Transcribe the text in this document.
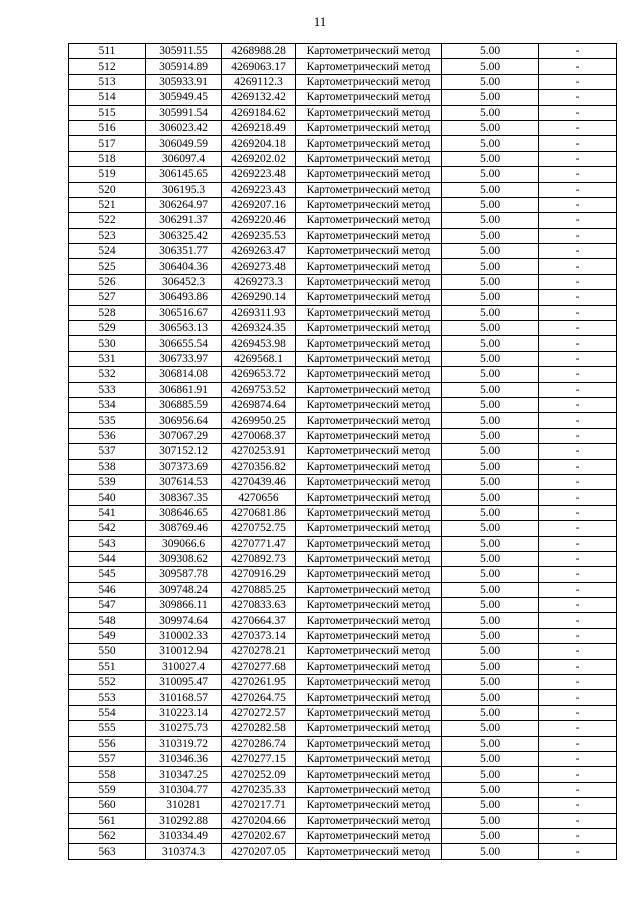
11
511	305911.55	4268988.28	Картометрический метод	5.00	-
512	305914.89	4269063.17	Картометрический метод	5.00	-
513	305933.91	4269112.3	Картометрический метод	5.00	-
514	305949.45	4269132.42	Картометрический метод	5.00	-
515	305991.54	4269184.62	Картометрический метод	5.00	-
516	306023.42	4269218.49	Картометрический метод	5.00	-
517	306049.59	4269204.18	Картометрический метод	5.00	-
518	306097.4	4269202.02	Картометрический метод	5.00	-
519	306145.65	4269223.48	Картометрический метод	5.00	-
520	306195.3	4269223.43	Картометрический метод	5.00	-
521	306264.97	4269207.16	Картометрический метод	5.00	-
522	306291.37	4269220.46	Картометрический метод	5.00	-
523	306325.42	4269235.53	Картометрический метод	5.00	-
524	306351.77	4269263.47	Картометрический метод	5.00	-
525	306404.36	4269273.48	Картометрический метод	5.00	-
526	306452.3	4269273.3	Картометрический метод	5.00	-
527	306493.86	4269290.14	Картометрический метод	5.00	-
528	306516.67	4269311.93	Картометрический метод	5.00	-
529	306563.13	4269324.35	Картометрический метод	5.00	-
530	306655.54	4269453.98	Картометрический метод	5.00	-
531	306733.97	4269568.1	Картометрический метод	5.00	-
532	306814.08	4269653.72	Картометрический метод	5.00	-
533	306861.91	4269753.52	Картометрический метод	5.00	-
534	306885.59	4269874.64	Картометрический метод	5.00	-
535	306956.64	4269950.25	Картометрический метод	5.00	-
536	307067.29	4270068.37	Картометрический метод	5.00	-
537	307152.12	4270253.91	Картометрический метод	5.00	-
538	307373.69	4270356.82	Картометрический метод	5.00	-
539	307614.53	4270439.46	Картометрический метод	5.00	-
540	308367.35	4270656	Картометрический метод	5.00	-
541	308646.65	4270681.86	Картометрический метод	5.00	-
542	308769.46	4270752.75	Картометрический метод	5.00	-
543	309066.6	4270771.47	Картометрический метод	5.00	-
544	309308.62	4270892.73	Картометрический метод	5.00	-
545	309587.78	4270916.29	Картометрический метод	5.00	-
546	309748.24	4270885.25	Картометрический метод	5.00	-
547	309866.11	4270833.63	Картометрический метод	5.00	-
548	309974.64	4270664.37	Картометрический метод	5.00	-
549	310002.33	4270373.14	Картометрический метод	5.00	-
550	310012.94	4270278.21	Картометрический метод	5.00	-
551	310027.4	4270277.68	Картометрический метод	5.00	-
552	310095.47	4270261.95	Картометрический метод	5.00	-
553	310168.57	4270264.75	Картометрический метод	5.00	-
554	310223.14	4270272.57	Картометрический метод	5.00	-
555	310275.73	4270282.58	Картометрический метод	5.00	-
556	310319.72	4270286.74	Картометрический метод	5.00	-
557	310346.36	4270277.15	Картометрический метод	5.00	-
558	310347.25	4270252.09	Картометрический метод	5.00	-
559	310304.77	4270235.33	Картометрический метод	5.00	-
560	310281	4270217.71	Картометрический метод	5.00	-
561	310292.88	4270204.66	Картометрический метод	5.00	-
562	310334.49	4270202.67	Картометрический метод	5.00	-
563	310374.3	4270207.05	Картометрический метод	5.00	-
